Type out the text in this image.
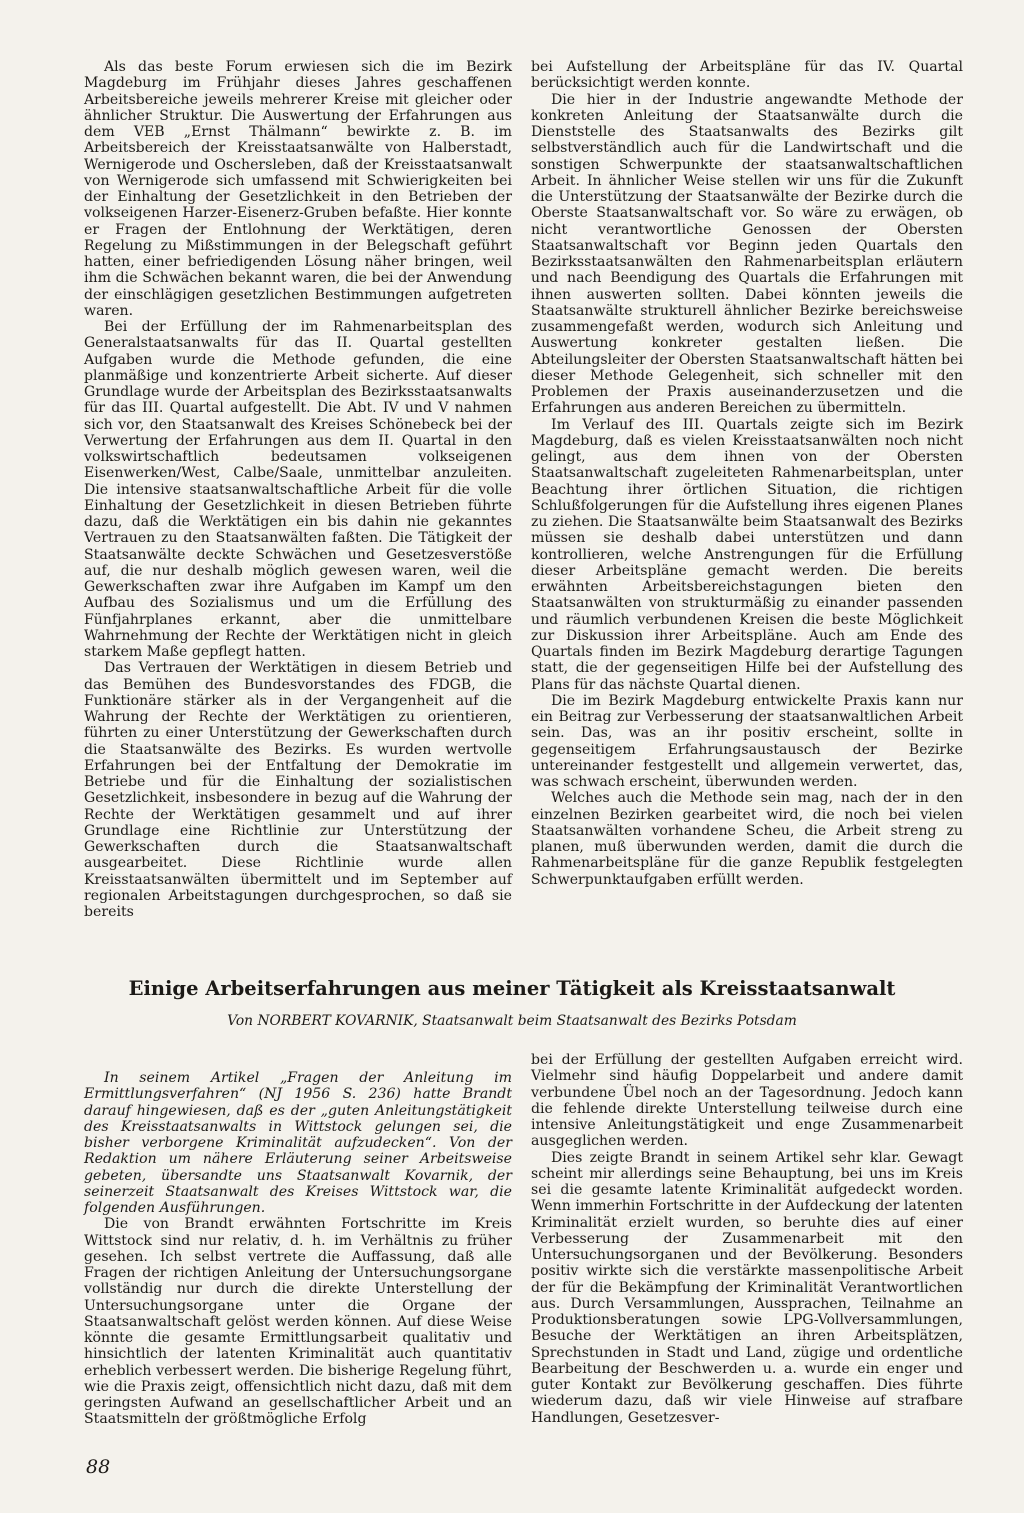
Als das beste Forum erwiesen sich die im Bezirk Magdeburg im Frühjahr dieses Jahres geschaffenen Arbeitsbereiche jeweils mehrerer Kreise mit gleicher oder ähnlicher Struktur. Die Auswertung der Erfahrungen aus dem VEB „Ernst Thälmann“ bewirkte z. B. im Arbeitsbereich der Kreisstaatsanwälte von Halberstadt, Wernigerode und Oschersleben, daß der Kreisstaatsanwalt von Wernigerode sich umfassend mit Schwierigkeiten bei der Einhaltung der Gesetzlichkeit in den Betrieben der volkseigenen Harzer-Eisenerz-Gruben befaßte. Hier konnte er Fragen der Entlohnung der Werktätigen, deren Regelung zu Mißstimmungen in der Belegschaft geführt hatten, einer befriedigenden Lösung näher bringen, weil ihm die Schwächen bekannt waren, die bei der Anwendung der einschlägigen gesetzlichen Bestimmungen aufgetreten waren.

Bei der Erfüllung der im Rahmenarbeitsplan des Generalstaatsanwalts für das II. Quartal gestellten Aufgaben wurde die Methode gefunden, die eine planmäßige und konzentrierte Arbeit sicherte. Auf dieser Grundlage wurde der Arbeitsplan des Bezirksstaatsanwalts für das III. Quartal aufgestellt. Die Abt. IV und V nahmen sich vor, den Staatsanwalt des Kreises Schönebeck bei der Verwertung der Erfahrungen aus dem II. Quartal in den volkswirtschaftlich bedeutsamen volkseigenen Eisenwerken/West, Calbe/Saale, unmittelbar anzuleiten. Die intensive staatsanwaltschaftliche Arbeit für die volle Einhaltung der Gesetzlichkeit in diesen Betrieben führte dazu, daß die Werktätigen ein bis dahin nie gekanntes Vertrauen zu den Staatsanwälten faßten. Die Tätigkeit der Staatsanwälte deckte Schwächen und Gesetzesverstöße auf, die nur deshalb möglich gewesen waren, weil die Gewerkschaften zwar ihre Aufgaben im Kampf um den Aufbau des Sozialismus und um die Erfüllung des Fünfjahrplanes erkannt, aber die unmittelbare Wahrnehmung der Rechte der Werktätigen nicht in gleich starkem Maße gepflegt hatten.

Das Vertrauen der Werktätigen in diesem Betrieb und das Bemühen des Bundesvorstandes des FDGB, die Funktionäre stärker als in der Vergangenheit auf die Wahrung der Rechte der Werktätigen zu orientieren, führten zu einer Unterstützung der Gewerkschaften durch die Staatsanwälte des Bezirks. Es wurden wertvolle Erfahrungen bei der Entfaltung der Demokratie im Betriebe und für die Einhaltung der sozialistischen Gesetzlichkeit, insbesondere in bezug auf die Wahrung der Rechte der Werktätigen gesammelt und auf ihrer Grundlage eine Richtlinie zur Unterstützung der Gewerkschaften durch die Staatsanwaltschaft ausgearbeitet. Diese Richtlinie wurde allen Kreisstaatsanwälten übermittelt und im September auf regionalen Arbeitstagungen durchgesprochen, so daß sie bereits

bei Aufstellung der Arbeitspläne für das IV. Quartal berücksichtigt werden konnte.

Die hier in der Industrie angewandte Methode der konkreten Anleitung der Staatsanwälte durch die Dienststelle des Staatsanwalts des Bezirks gilt selbstverständlich auch für die Landwirtschaft und die sonstigen Schwerpunkte der staatsanwaltschaftlichen Arbeit. In ähnlicher Weise stellen wir uns für die Zukunft die Unterstützung der Staatsanwälte der Bezirke durch die Oberste Staatsanwaltschaft vor. So wäre zu erwägen, ob nicht verantwortliche Genossen der Obersten Staatsanwaltschaft vor Beginn jeden Quartals den Bezirksstaatsanwälten den Rahmenarbeitsplan erläutern und nach Beendigung des Quartals die Erfahrungen mit ihnen auswerten sollten. Dabei könnten jeweils die Staatsanwälte strukturell ähnlicher Bezirke bereichsweise zusammengefaßt werden, wodurch sich Anleitung und Auswertung konkreter gestalten ließen. Die Abteilungsleiter der Obersten Staatsanwaltschaft hätten bei dieser Methode Gelegenheit, sich schneller mit den Problemen der Praxis auseinanderzusetzen und die Erfahrungen aus anderen Bereichen zu übermitteln.

Im Verlauf des III. Quartals zeigte sich im Bezirk Magdeburg, daß es vielen Kreisstaatsanwälten noch nicht gelingt, aus dem ihnen von der Obersten Staatsanwaltschaft zugeleiteten Rahmenarbeitsplan, unter Beachtung ihrer örtlichen Situation, die richtigen Schlußfolgerungen für die Aufstellung ihres eigenen Planes zu ziehen. Die Staatsanwälte beim Staatsanwalt des Bezirks müssen sie deshalb dabei unterstützen und dann kontrollieren, welche Anstrengungen für die Erfüllung dieser Arbeitspläne gemacht werden. Die bereits erwähnten Arbeitsbereichstagungen bieten den Staatsanwälten von strukturmäßig zu einander passenden und räumlich verbundenen Kreisen die beste Möglichkeit zur Diskussion ihrer Arbeitspläne. Auch am Ende des Quartals finden im Bezirk Magdeburg derartige Tagungen statt, die der gegenseitigen Hilfe bei der Aufstellung des Plans für das nächste Quartal dienen.

Die im Bezirk Magdeburg entwickelte Praxis kann nur ein Beitrag zur Verbesserung der staatsanwaltlichen Arbeit sein. Das, was an ihr positiv erscheint, sollte in gegenseitigem Erfahrungsaustausch der Bezirke untereinander festgestellt und allgemein verwertet, das, was schwach erscheint, überwunden werden.

Welches auch die Methode sein mag, nach der in den einzelnen Bezirken gearbeitet wird, die noch bei vielen Staatsanwälten vorhandene Scheu, die Arbeit streng zu planen, muß überwunden werden, damit die durch die Rahmenarbeitspläne für die ganze Republik festgelegten Schwerpunktaufgaben erfüllt werden.

Einige Arbeitserfahrungen aus meiner Tätigkeit als Kreisstaatsanwalt
Von NORBERT KOVARNIK, Staatsanwalt beim Staatsanwalt des Bezirks Potsdam

In seinem Artikel „Fragen der Anleitung im Ermittlungsverfahren“ (NJ 1956 S. 236) hatte Brandt darauf hingewiesen, daß es der „guten Anleitungstätigkeit des Kreisstaatsanwalts in Wittstock gelungen sei, die bisher verborgene Kriminalität aufzudecken“. Von der Redaktion um nähere Erläuterung seiner Arbeitsweise gebeten, übersandte uns Staatsanwalt Kovarnik, der seinerzeit Staatsanwalt des Kreises Wittstock war, die folgenden Ausführungen.

Die von Brandt erwähnten Fortschritte im Kreis Wittstock sind nur relativ, d. h. im Verhältnis zu früher gesehen. Ich selbst vertrete die Auffassung, daß alle Fragen der richtigen Anleitung der Untersuchungsorgane vollständig nur durch die direkte Unterstellung der Untersuchungsorgane unter die Organe der Staatsanwaltschaft gelöst werden können. Auf diese Weise könnte die gesamte Ermittlungsarbeit qualitativ und hinsichtlich der latenten Kriminalität auch quantitativ erheblich verbessert werden. Die bisherige Regelung führt, wie die Praxis zeigt, offensichtlich nicht dazu, daß mit dem geringsten Aufwand an gesellschaftlicher Arbeit und an Staatsmitteln der größtmögliche Erfolg

bei der Erfüllung der gestellten Aufgaben erreicht wird. Vielmehr sind häufig Doppelarbeit und andere damit verbundene Übel noch an der Tagesordnung. Jedoch kann die fehlende direkte Unterstellung teilweise durch eine intensive Anleitungstätigkeit und enge Zusammenarbeit ausgeglichen werden.

Dies zeigte Brandt in seinem Artikel sehr klar. Gewagt scheint mir allerdings seine Behauptung, bei uns im Kreis sei die gesamte latente Kriminalität aufgedeckt worden. Wenn immerhin Fortschritte in der Aufdeckung der latenten Kriminalität erzielt wurden, so beruhte dies auf einer Verbesserung der Zusammenarbeit mit den Untersuchungsorganen und der Bevölkerung. Besonders positiv wirkte sich die verstärkte massenpolitische Arbeit der für die Bekämpfung der Kriminalität Verantwortlichen aus. Durch Versammlungen, Aussprachen, Teilnahme an Produktionsberatungen sowie LPG-Vollversammlungen, Besuche der Werktätigen an ihren Arbeitsplätzen, Sprechstunden in Stadt und Land, zügige und ordentliche Bearbeitung der Beschwerden u. a. wurde ein enger und guter Kontakt zur Bevölkerung geschaffen. Dies führte wiederum dazu, daß wir viele Hinweise auf strafbare Handlungen, Gesetzesver-

88
